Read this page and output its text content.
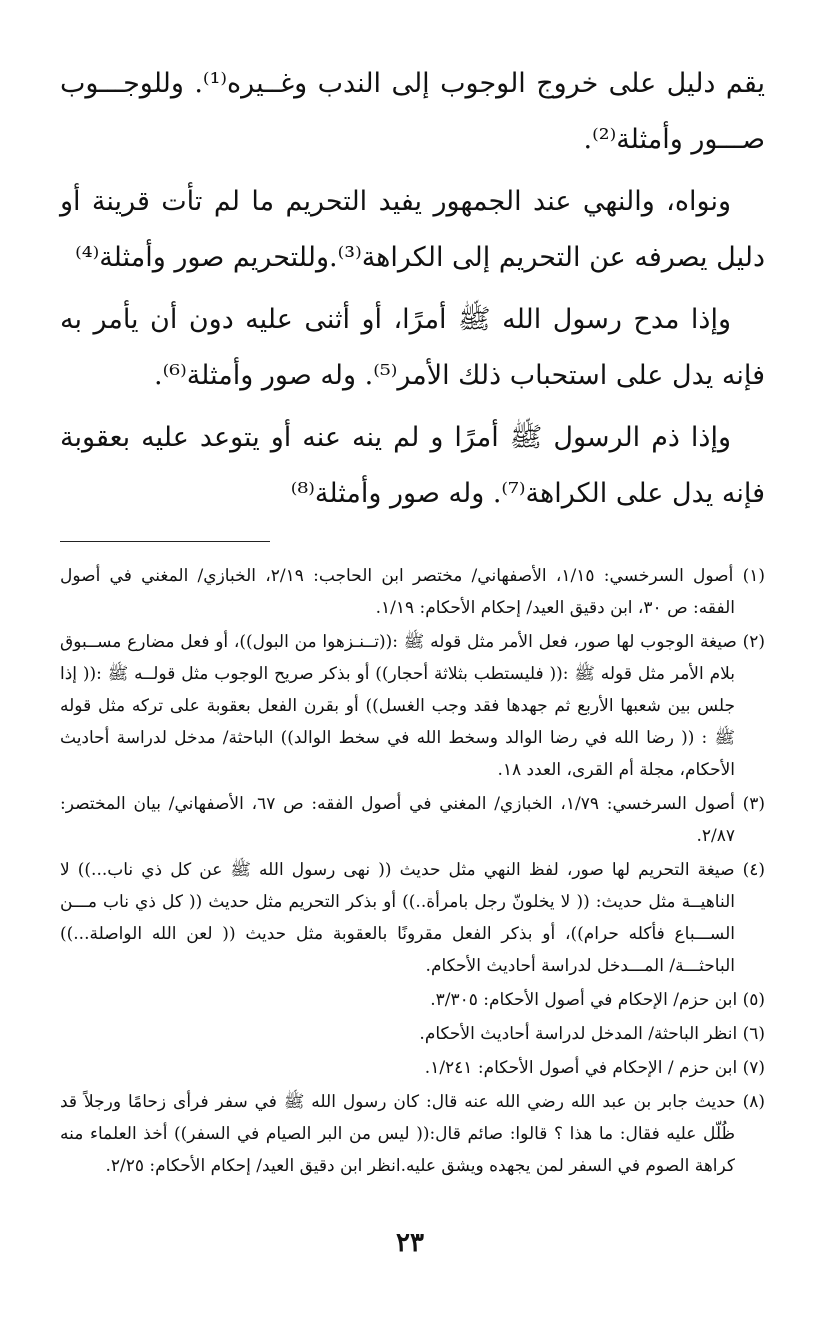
يقم دليل على خروج الوجوب إلى الندب وغــيره⁽¹⁾. وللوجـــوب صـــور وأمثلة⁽²⁾.

ونواه، والنهي عند الجمهور يفيد التحريم ما لم تأت قرينة أو دليل يصرفه عن التحريم إلى الكراهة⁽³⁾.وللتحريم صور وأمثلة⁽⁴⁾

وإذا مدح رسول الله ﷺ أمرًا، أو أثنى عليه دون أن يأمر به فإنه يدل على استحباب ذلك الأمر⁽⁵⁾. وله صور وأمثلة⁽⁶⁾.

وإذا ذم الرسول ﷺ أمرًا و لم ينه عنه أو يتوعد عليه بعقوبة فإنه يدل على الكراهة⁽⁷⁾. وله صور وأمثلة⁽⁸⁾

(١) أصول السرخسي: ١/١٥، الأصفهاني/ مختصر ابن الحاجب: ٢/١٩، الخبازي/ المغني في أصول الفقه: ص ٣٠، ابن دقيق العيد/ إحكام الأحكام: ١/١٩.

(٢) صيغة الوجوب لها صور، فعل الأمر مثل قوله ﷺ :((تــنـزهوا من البول))، أو فعل مضارع مســبوق بلام الأمر مثل قوله ﷺ :(( فليستطب بثلاثة أحجار)) أو بذكر صريح الوجوب مثل قولــه ﷺ :(( إذا جلس بين شعبها الأربع ثم جهدها فقد وجب الغسل)) أو بقرن الفعل بعقوبة على تركه مثل قوله ﷺ : (( رضا الله في رضا الوالد وسخط الله في سخط الوالد)) الباحثة/ مدخل لدراسة أحاديث الأحكام، مجلة أم القرى، العدد ١٨.

(٣) أصول السرخسي: ١/٧٩، الخبازي/ المغني في أصول الفقه: ص ٦٧، الأصفهاني/ بيان المختصر: ٢/٨٧.

(٤) صيغة التحريم لها صور، لفظ النهي مثل حديث (( نهى رسول الله ﷺ عن كل ذي ناب...)) لا الناهيــة مثل حديث: (( لا يخلونّ رجل بامرأة..)) أو بذكر التحريم مثل حديث (( كل ذي ناب مـــن الســـباع فأكله حرام))، أو بذكر الفعل مقرونًا بالعقوبة مثل حديث (( لعن الله الواصلة...)) الباحثـــة/ المـــدخل لدراسة أحاديث الأحكام.

(٥) ابن حزم/ الإحكام في أصول الأحكام: ٣/٣٠٥.

(٦) انظر الباحثة/ المدخل لدراسة أحاديث الأحكام.

(٧) ابن حزم / الإحكام في أصول الأحكام: ١/٢٤١.

(٨) حديث جابر بن عبد الله رضي الله عنه قال: كان رسول الله ﷺ في سفر فرأى زحامًا ورجلاً قد ظُلّل عليه فقال: ما هذا ؟ قالوا: صائم قال:(( ليس من البر الصيام في السفر)) أخذ العلماء منه كراهة الصوم في السفر لمن يجهده ويشق عليه.انظر ابن دقيق العيد/ إحكام الأحكام: ٢/٢٥.

٢٣
